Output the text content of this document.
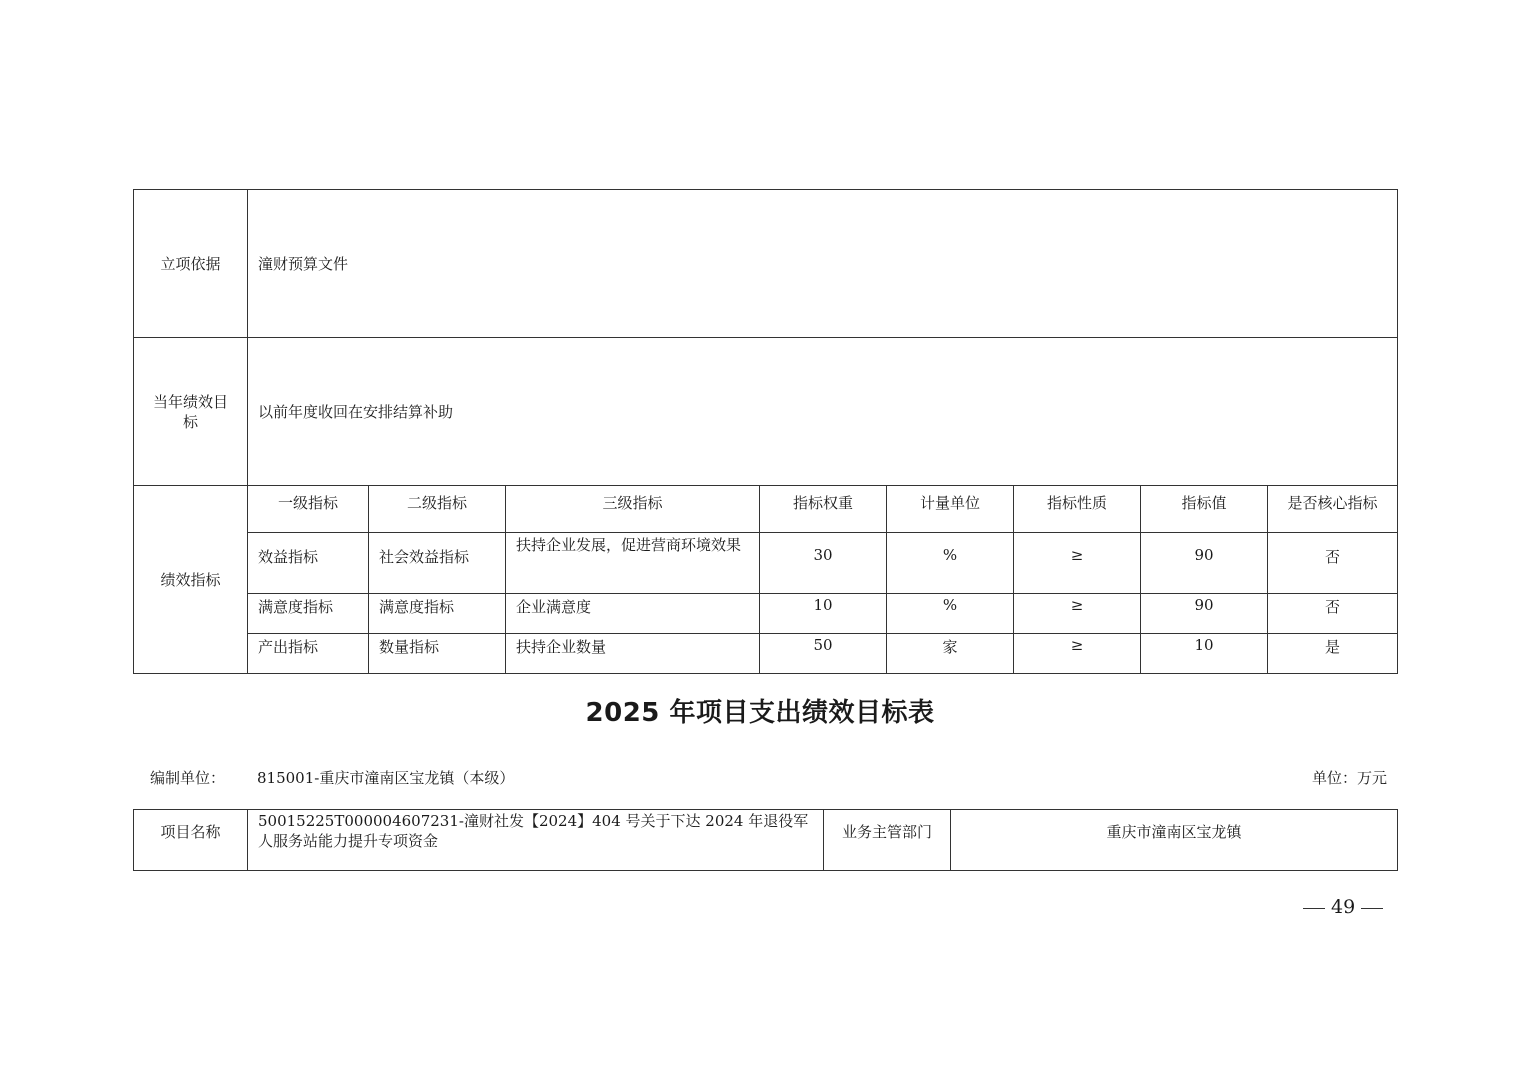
立项依据	潼财预算文件							
当年绩效目标	以前年度收回在安排结算补助							
绩效指标	一级指标	二级指标	三级指标	指标权重	计量单位	指标性质	指标值	是否核心指标
	效益指标	社会效益指标	扶持企业发展，促进营商环境效果	30	%	≥	90	否
	满意度指标	满意度指标	企业满意度	10	%	≥	90	否
	产出指标	数量指标	扶持企业数量	50	家	≥	10	是
2025 年项目支出绩效目标表
编制单位： 815001-重庆市潼南区宝龙镇（本级）	单位：万元
项目名称	50015225T000004607231-潼财社发【2024】404 号关于下达 2024 年退役军人服务站能力提升专项资金	业务主管部门	重庆市潼南区宝龙镇
49
